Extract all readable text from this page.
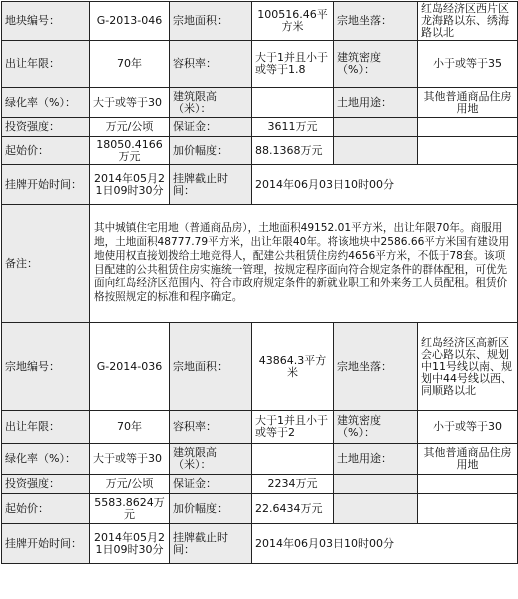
地块编号：	G-2013-046	宗地面积：	100516.46平方米	宗地坐落：	红岛经济区西片区龙海路以东、绣海路以北
出让年限：	70年	容积率：	大于1并且小于或等于1.8	建筑密度（%）：	小于或等于35
绿化率（%）：	大于或等于30	建筑限高（米）：		土地用途：	其他普通商品住房用地
投资强度：	万元/公顷	保证金：	3611万元		
起始价：	18050.4166万元	加价幅度：	88.1368万元		
挂牌开始时间：	2014年05月21日09时30分	挂牌截止时间：	2014年06月03日10时00分		
备注：	其中城镇住宅用地（普通商品房），土地面积49152.01平方米，出让年限70年。商服用地，土地面积48777.79平方米，出让年限40年。将该地块中2586.66平方米国有建设用地使用权直接划拨给土地竞得人，配建公共租赁住房约4656平方米，不低于78套。该项目配建的公共租赁住房实施统一管理，按规定程序面向符合规定条件的群体配租，可优先面向红岛经济区范围内、符合市政府规定条件的新就业职工和外来务工人员配租。租赁价格按照规定的标准和程序确定。				
宗地编号：	G-2014-036	宗地面积：	43864.3平方米	宗地坐落：	红岛经济区高新区会心路以东、规划中11号线以南、规划中44号线以西、同顺路以北
出让年限：	70年	容积率：	大于1并且小于或等于2	建筑密度（%）：	小于或等于30
绿化率（%）：	大于或等于30	建筑限高（米）：		土地用途：	其他普通商品住房用地
投资强度：	万元/公顷	保证金：	2234万元		
起始价：	5583.8624万元	加价幅度：	22.6434万元		
挂牌开始时间：	2014年05月21日09时30分	挂牌截止时间：	2014年06月03日10时00分		
